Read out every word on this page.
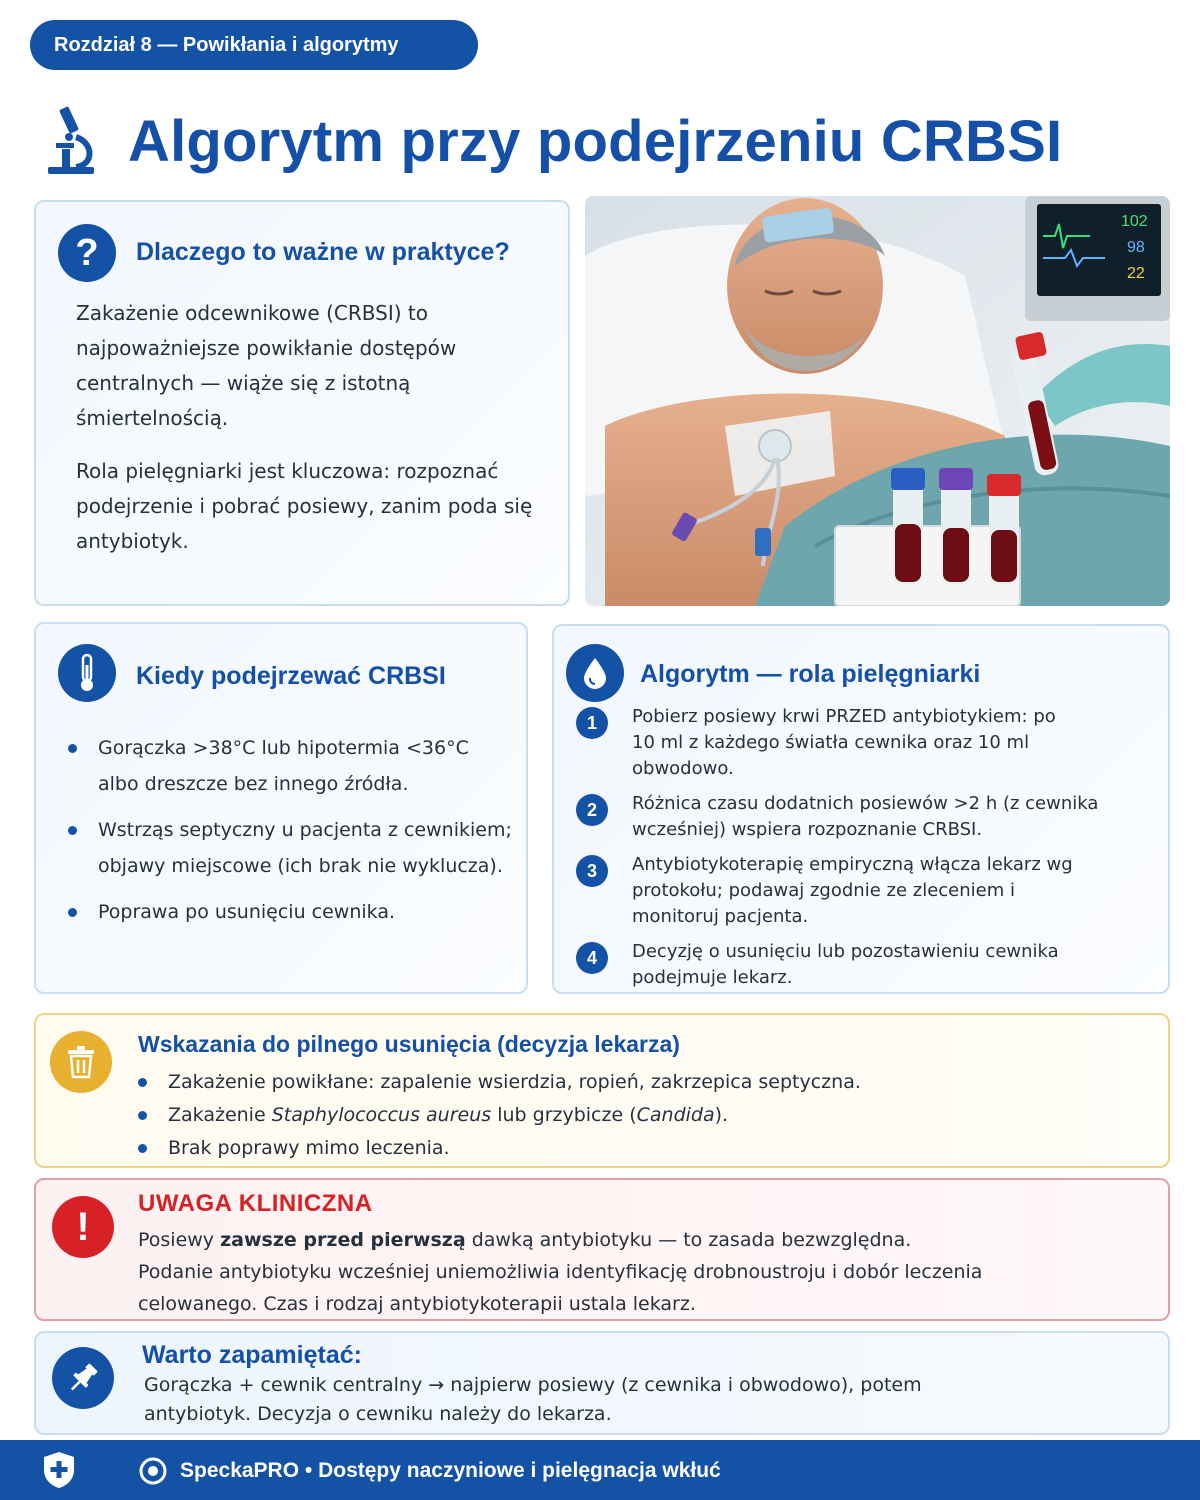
Rozdział 8 — Powikłania i algorytmy
Algorytm przy podejrzeniu CRBSI
? Dlaczego to ważne w praktyce?
Zakażenie odcewnikowe (CRBSI) to najpoważniejsze powikłanie dostępów centralnych — wiąże się z istotną śmiertelnością.
Rola pielęgniarki jest kluczowa: rozpoznać podejrzenie i pobrać posiewy, zanim poda się antybiotyk.
102
98
22
Kiedy podejrzewać CRBSI
Gorączka >38°C lub hipotermia <36°C albo dreszcze bez innego źródła.
Wstrząs septyczny u pacjenta z cewnikiem; objawy miejscowe (ich brak nie wyklucza).
Poprawa po usunięciu cewnika.
Algorytm — rola pielęgniarki
1	Pobierz posiewy krwi PRZED antybiotykiem: po 10 ml z każdego światła cewnika oraz 10 ml obwodowo.
2	Różnica czasu dodatnich posiewów >2 h (z cewnika wcześniej) wspiera rozpoznanie CRBSI.
3	Antybiotykoterapię empiryczną włącza lekarz wg protokołu; podawaj zgodnie ze zleceniem i monitoruj pacjenta.
4	Decyzję o usunięciu lub pozostawieniu cewnika podejmuje lekarz.
Wskazania do pilnego usunięcia (decyzja lekarza)
Zakażenie powikłane: zapalenie wsierdzia, ropień, zakrzepica septyczna.
Zakażenie Staphylococcus aureus lub grzybicze (Candida).
Brak poprawy mimo leczenia.
!
UWAGA KLINICZNA
Posiewy zawsze przed pierwszą dawką antybiotyku — to zasada bezwzględna.
Podanie antybiotyku wcześniej uniemożliwia identyfikację drobnoustroju i dobór leczenia celowanego. Czas i rodzaj antybiotykoterapii ustala lekarz.
Warto zapamiętać:
Gorączka + cewnik centralny → najpierw posiewy (z cewnika i obwodowo), potem antybiotyk. Decyzja o cewniku należy do lekarza.
SpeckaPRO • Dostępy naczyniowe i pielęgnacja wkłuć
